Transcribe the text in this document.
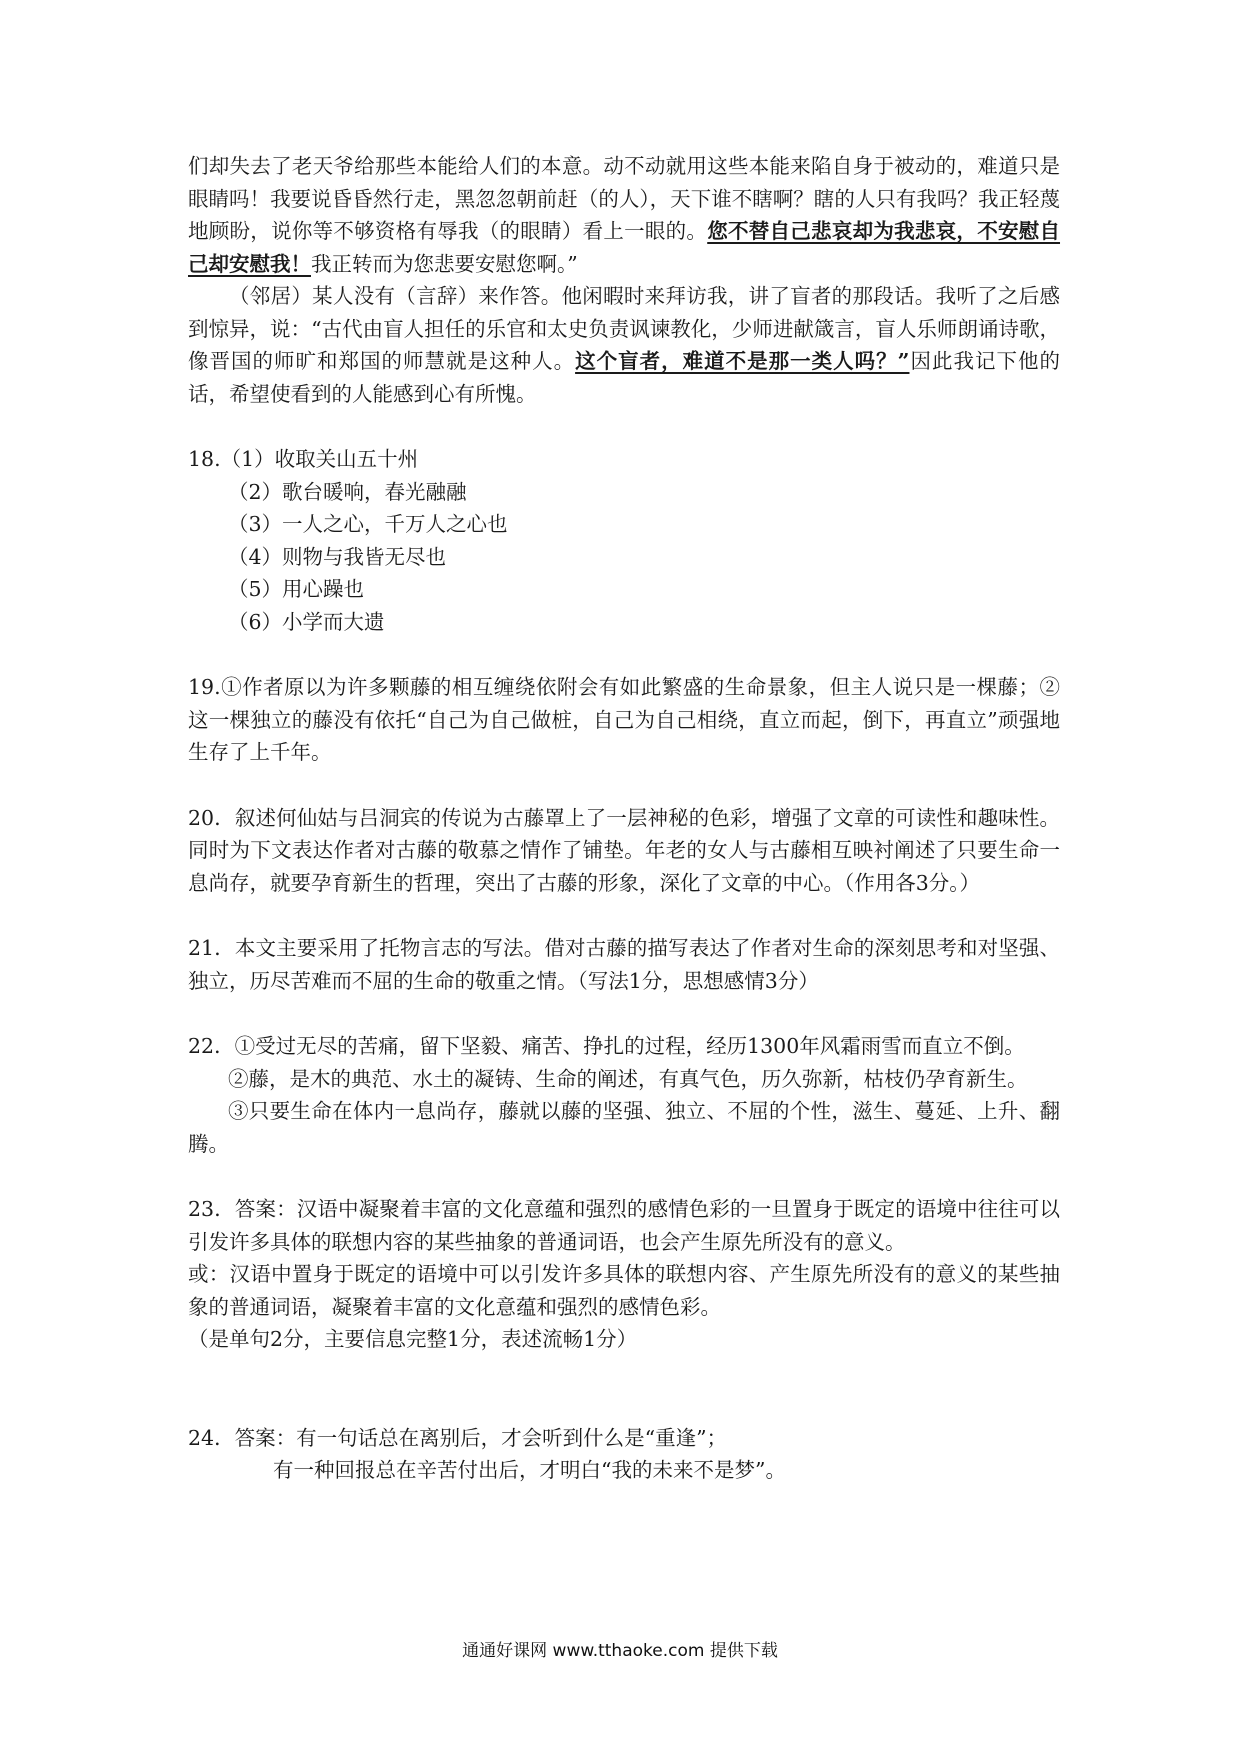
们却失去了老天爷给那些本能给人们的本意。动不动就用这些本能来陷自身于被动的，难道只是眼睛吗！我要说昏昏然行走，黑忽忽朝前赶（的人），天下谁不瞎啊？瞎的人只有我吗？我正轻蔑地顾盼，说你等不够资格有辱我（的眼睛）看上一眼的。您不替自己悲哀却为我悲哀，不安慰自己却安慰我！我正转而为您悲要安慰您啊。”

（邻居）某人没有（言辞）来作答。他闲暇时来拜访我，讲了盲者的那段话。我听了之后感到惊异，说：“古代由盲人担任的乐官和太史负责讽谏教化，少师进献箴言，盲人乐师朗诵诗歌，像晋国的师旷和郑国的师慧就是这种人。这个盲者，难道不是那一类人吗？”因此我记下他的话，希望使看到的人能感到心有所愧。

18.（1）收取关山五十州

（2）歌台暖响，春光融融

（3）一人之心，千万人之心也

（4）则物与我皆无尽也

（5）用心躁也

（6）小学而大遗

19.①作者原以为许多颗藤的相互缠绕依附会有如此繁盛的生命景象，但主人说只是一棵藤；②这一棵独立的藤没有依托“自己为自己做桩，自己为自己相绕，直立而起，倒下，再直立”顽强地生存了上千年。

20．叙述何仙姑与吕洞宾的传说为古藤罩上了一层神秘的色彩，增强了文章的可读性和趣味性。同时为下文表达作者对古藤的敬慕之情作了铺垫。年老的女人与古藤相互映衬阐述了只要生命一息尚存，就要孕育新生的哲理，突出了古藤的形象，深化了文章的中心。（作用各3分。）

21．本文主要采用了托物言志的写法。借对古藤的描写表达了作者对生命的深刻思考和对坚强、独立，历尽苦难而不屈的生命的敬重之情。（写法1分，思想感情3分）

22．①受过无尽的苦痛，留下坚毅、痛苦、挣扎的过程，经历1300年风霜雨雪而直立不倒。

②藤，是木的典范、水土的凝铸、生命的阐述，有真气色，历久弥新，枯枝仍孕育新生。

③只要生命在体内一息尚存，藤就以藤的坚强、独立、不屈的个性，滋生、蔓延、上升、翻腾。

23．答案：汉语中凝聚着丰富的文化意蕴和强烈的感情色彩的一旦置身于既定的语境中往往可以引发许多具体的联想内容的某些抽象的普通词语，也会产生原先所没有的意义。

或：汉语中置身于既定的语境中可以引发许多具体的联想内容、产生原先所没有的意义的某些抽象的普通词语，凝聚着丰富的文化意蕴和强烈的感情色彩。

（是单句2分，主要信息完整1分，表述流畅1分）

24．答案：有一句话总在离别后，才会听到什么是“重逢”；

有一种回报总在辛苦付出后，才明白“我的未来不是梦”。

通通好课网 www.tthaoke.com 提供下载
